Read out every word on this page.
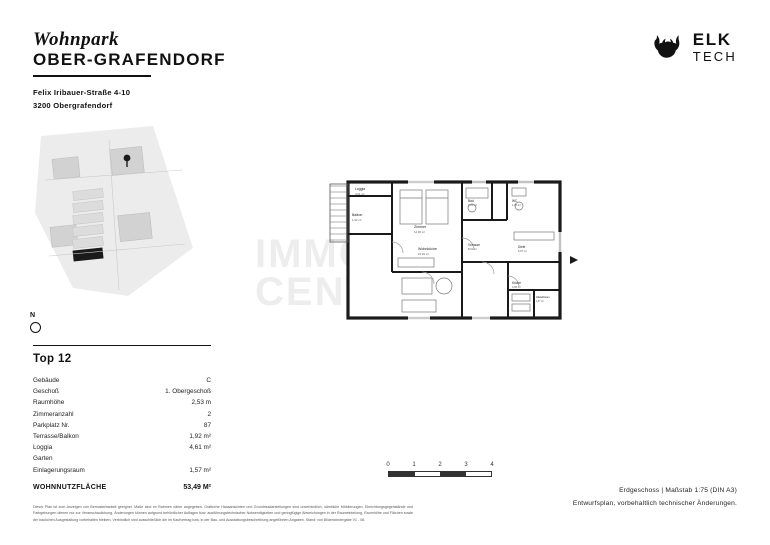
Wohnpark
OBER-GRAFENDORF
Felix Iribauer-Straße 4-10
3200 Obergrafendorf
ELK
TECH
N
Top 12
Gebäude	C
Geschoß	1. Obergeschoß
Raumhöhe	2,53 m
Zimmeranzahl	2
Parkplatz Nr.	87
Terrasse/Balkon	1,92 m²
Loggia	4,61 m²
Garten	
Einlagerungsraum	1,57 m²
WOHNNUTZFLÄCHE	53,49 M²
IMMO CENTER
Loggia
4,61 m²
Balkon
1,92 m²
Zimmer
12,96 m²
Bad
4,25 m²
WC
1,46 m²
Vorraum
8,91 m²
Diele
6,07 m²
Wohnküche
15,26 m²
Küche
4,96 m²
Abstellraum
1,57 m²
0	1	2	3	4
Erdgeschoss | Maßstab 1:75 (DIN A3)
Entwurfsplan, vorbehaltlich technischer Änderungen.
Dieser Plan ist zum Anzeigen von Bemusterbarkeit geeignet. Maße sind im Rahmen näher angegeben. Grafische Hausansichten und Grundrissdarstellungen sind unverbindlich, sämtliche Möblierungen, Einrichtungsgegenstände und Farbgebungen dienen nur zur Veranschaulichung. Änderungen können aufgrund behördlicher Auflagen bzw. ausführungstechnischer Notwendigkeiten und geringfügige Abweichungen in der Raumeinteilung, Raumhöhe und Flächen sowie der baulichen Ausgestaltung vorbehalten bleiben. Verbindlich sind ausschließlich die im Kaufvertrag bzw. in der Bau- und Ausstattungsbeschreibung angeführten Angaben. Stand: von Bilderwiedergabe V1 - 06.
